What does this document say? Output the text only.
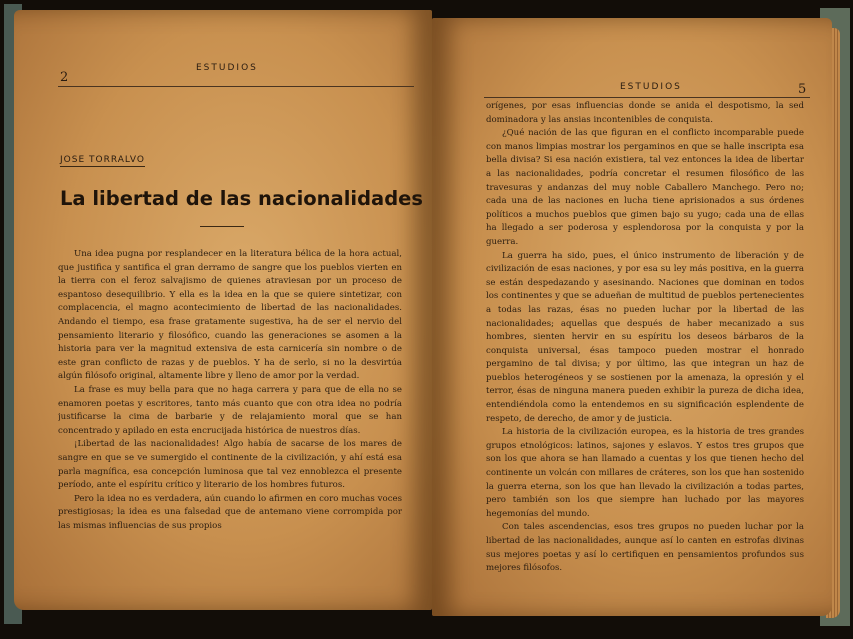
2
ESTUDIOS
JOSE TORRALVO
La libertad de las nacionalidades

Una idea pugna por resplandecer en la literatura bélica de la hora actual, que justifica y santifica el gran derramo de sangre que los pueblos vierten en la tierra con el feroz salvajismo de quienes atraviesan por un proceso de espantoso desequilibrio. Y ella es la idea en la que se quiere sintetizar, con complacencia, el magno acontecimiento de libertad de las nacionalidades. Andando el tiempo, esa frase gratamente sugestiva, ha de ser el nervio del pensamiento literario y filosófico, cuando las generaciones se asomen a la historia para ver la magnitud extensiva de esta carnicería sin nombre o de este gran conflicto de razas y de pueblos. Y ha de serlo, si no la desvirtúa algún filósofo original, altamente libre y lleno de amor por la verdad.

La frase es muy bella para que no haga carrera y para que de ella no se enamoren poetas y escritores, tanto más cuanto que con otra idea no podría justificarse la cima de barbarie y de relajamiento moral que se han concentrado y apilado en esta encrucijada histórica de nuestros días.

¡Libertad de las nacionalidades! Algo había de sacarse de los mares de sangre en que se ve sumergido el continente de la civilización, y ahí está esa parla magnífica, esa concepción luminosa que tal vez ennoblezca el presente período, ante el espíritu crítico y literario de los hombres futuros.

Pero la idea no es verdadera, aún cuando lo afirmen en coro muchas voces prestigiosas; la idea es una falsedad que de antemano viene corrompida por las mismas influencias de sus propios

ESTUDIOS	5

orígenes, por esas influencias donde se anida el despotismo, la sed dominadora y las ansias incontenibles de conquista.

¿Qué nación de las que figuran en el conflicto incomparable puede con manos limpias mostrar los pergaminos en que se halle inscripta esa bella divisa? Si esa nación existiera, tal vez entonces la idea de libertar a las nacionalidades, podría concretar el resumen filosófico de las travesuras y andanzas del muy noble Caballero Manchego. Pero no; cada una de las naciones en lucha tiene aprisionados a sus órdenes políticos a muchos pueblos que gimen bajo su yugo; cada una de ellas ha llegado a ser poderosa y esplendorosa por la conquista y por la guerra.

La guerra ha sido, pues, el único instrumento de liberación y de civilización de esas naciones, y por esa su ley más positiva, en la guerra se están despedazando y asesinando. Naciones que dominan en todos los continentes y que se adueñan de multitud de pueblos pertenecientes a todas las razas, ésas no pueden luchar por la libertad de las nacionalidades; aquellas que después de haber mecanizado a sus hombres, sienten hervir en su espíritu los deseos bárbaros de la conquista universal, ésas tampoco pueden mostrar el honrado pergamino de tal divisa; y por último, las que integran un haz de pueblos heterogéneos y se sostienen por la amenaza, la opresión y el terror, ésas de ninguna manera pueden exhibir la pureza de dicha idea, entendiéndola como la entendemos en su significación esplendente de respeto, de derecho, de amor y de justicia.

La historia de la civilización europea, es la historia de tres grandes grupos etnológicos: latinos, sajones y eslavos. Y estos tres grupos que son los que ahora se han llamado a cuentas y los que tienen hecho del continente un volcán con millares de cráteres, son los que han sostenido la guerra eterna, son los que han llevado la civilización a todas partes, pero también son los que siempre han luchado por las mayores hegemonías del mundo.

Con tales ascendencias, esos tres grupos no pueden luchar por la libertad de las nacionalidades, aunque así lo canten en estrofas divinas sus mejores poetas y así lo certifiquen en pensamientos profundos sus mejores filósofos.
